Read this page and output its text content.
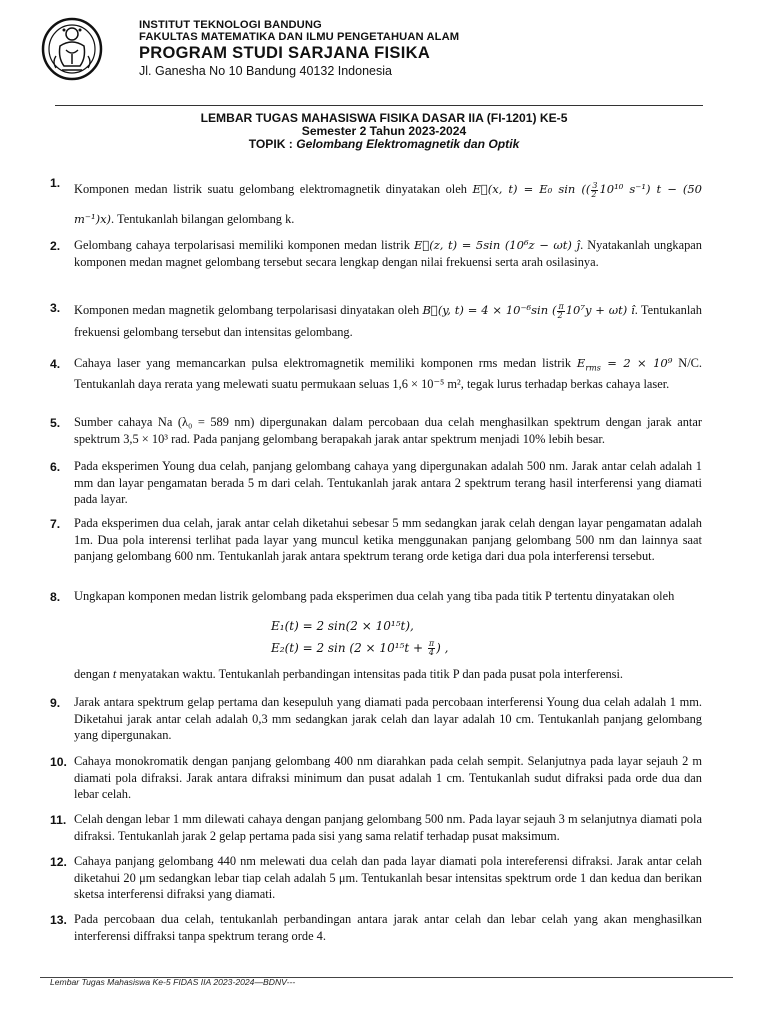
INSTITUT TEKNOLOGI BANDUNG
FAKULTAS MATEMATIKA DAN ILMU PENGETAHUAN ALAM
PROGRAM STUDI SARJANA FISIKA
Jl. Ganesha No 10 Bandung 40132 Indonesia
LEMBAR TUGAS MAHASISWA FISIKA DASAR IIA (FI-1201) KE-5
Semester 2 Tahun 2023-2024
TOPIK : Gelombang Elektromagnetik dan Optik
1.	Komponen medan listrik suatu gelombang elektromagnetik dinyatakan oleh E⃗(x, t) = E₀ sin (( $\frac{3}{2} 10^{10}$ s⁻¹) t − (50 m⁻¹)x). Tentukanlah bilangan gelombang k.
2.	Gelombang cahaya terpolarisasi memiliki komponen medan listrik E⃗(z, t) = 5sin (10⁶z − ωt) ĵ. Nyatakanlah ungkapan komponen medan magnet gelombang tersebut secara lengkap dengan nilai frekuensi serta arah osilasinya.
3.	Komponen medan magnetik gelombang terpolarisasi dinyatakan oleh B⃗(y, t) = 4 × 10⁻⁶sin ( $\frac{\pi}{2} 10^7y + \omega t$) î. Tentukanlah frekuensi gelombang tersebut dan intensitas gelombang.
4.	Cahaya laser yang memancarkan pulsa elektromagnetik memiliki komponen rms medan listrik $E_{rms} = 2 \times 10^9$ N/C. Tentukanlah daya rerata yang melewati suatu permukaan seluas 1,6 × 10⁻⁵ m², tegak lurus terhadap berkas cahaya laser.
5.	Sumber cahaya Na (λ₀ = 589 nm) dipergunakan dalam percobaan dua celah menghasilkan spektrum dengan jarak antar spektrum 3,5 × 10³ rad. Pada panjang gelombang berapakah jarak antar spektrum menjadi 10% lebih besar.
6.	Pada eksperimen Young dua celah, panjang gelombang cahaya yang dipergunakan adalah 500 nm. Jarak antar celah adalah 1 mm dan layar pengamatan berada 5 m dari celah. Tentukanlah jarak antara 2 spektrum terang hasil interferensi yang diamati pada layar.
7.	Pada eksperimen dua celah, jarak antar celah diketahui sebesar 5 mm sedangkan jarak celah dengan layar pengamatan adalah 1m. Dua pola interensi terlihat pada layar yang muncul ketika menggunakan panjang gelombang 500 nm dan lainnya saat panjang gelombang 600 nm. Tentukanlah jarak antara spektrum terang orde ketiga dari dua pola interferensi tersebut.
8.	Ungkapan komponen medan listrik gelombang pada eksperimen dua celah yang tiba pada titik P tertentu dinyatakan oleh
E₁(t) = 2 sin(2 × 10¹⁵t),
E₂(t) = 2 $\sin (2 \times 10^{15}t + \frac{\pi}{4}$ ) ,
dengan t menyatakan waktu. Tentukanlah perbandingan intensitas pada titik P dan pada pusat pola interferensi.
9.	Jarak antara spektrum gelap pertama dan kesepuluh yang diamati pada percobaan interferensi Young dua celah adalah 1 mm. Diketahui jarak antar celah adalah 0,3 mm sedangkan jarak celah dan layar adalah 10 cm. Tentukanlah panjang gelombang yang dipergunakan.
10. Cahaya monokromatik dengan panjang gelombang 400 nm diarahkan pada celah sempit. Selanjutnya pada layar sejauh 2 m diamati pola difraksi. Jarak antara difraksi minimum dan pusat adalah 1 cm. Tentukanlah sudut difraksi pada orde dua dan lebar celah.
11. Celah dengan lebar 1 mm dilewati cahaya dengan panjang gelombang 500 nm. Pada layar sejauh 3 m selanjutnya diamati pola difraksi. Tentukanlah jarak 2 gelap pertama pada sisi yang sama relatif terhadap pusat maksimum.
12. Cahaya panjang gelombang 440 nm melewati dua celah dan pada layar diamati pola intereferensi difraksi. Jarak antar celah diketahui 20 μm sedangkan lebar tiap celah adalah 5 μm. Tentukanlah besar intensitas spektrum orde 1 dan kedua dan berikan sketsa interferensi difraksi yang diamati.
13. Pada percobaan dua celah, tentukanlah perbandingan antara jarak antar celah dan lebar celah yang akan menghasilkan interferensi diffraksi tanpa spektrum terang orde 4.
Lembar Tugas Mahasiswa Ke-5 FIDAS IIA 2023-2024—BDNV---
